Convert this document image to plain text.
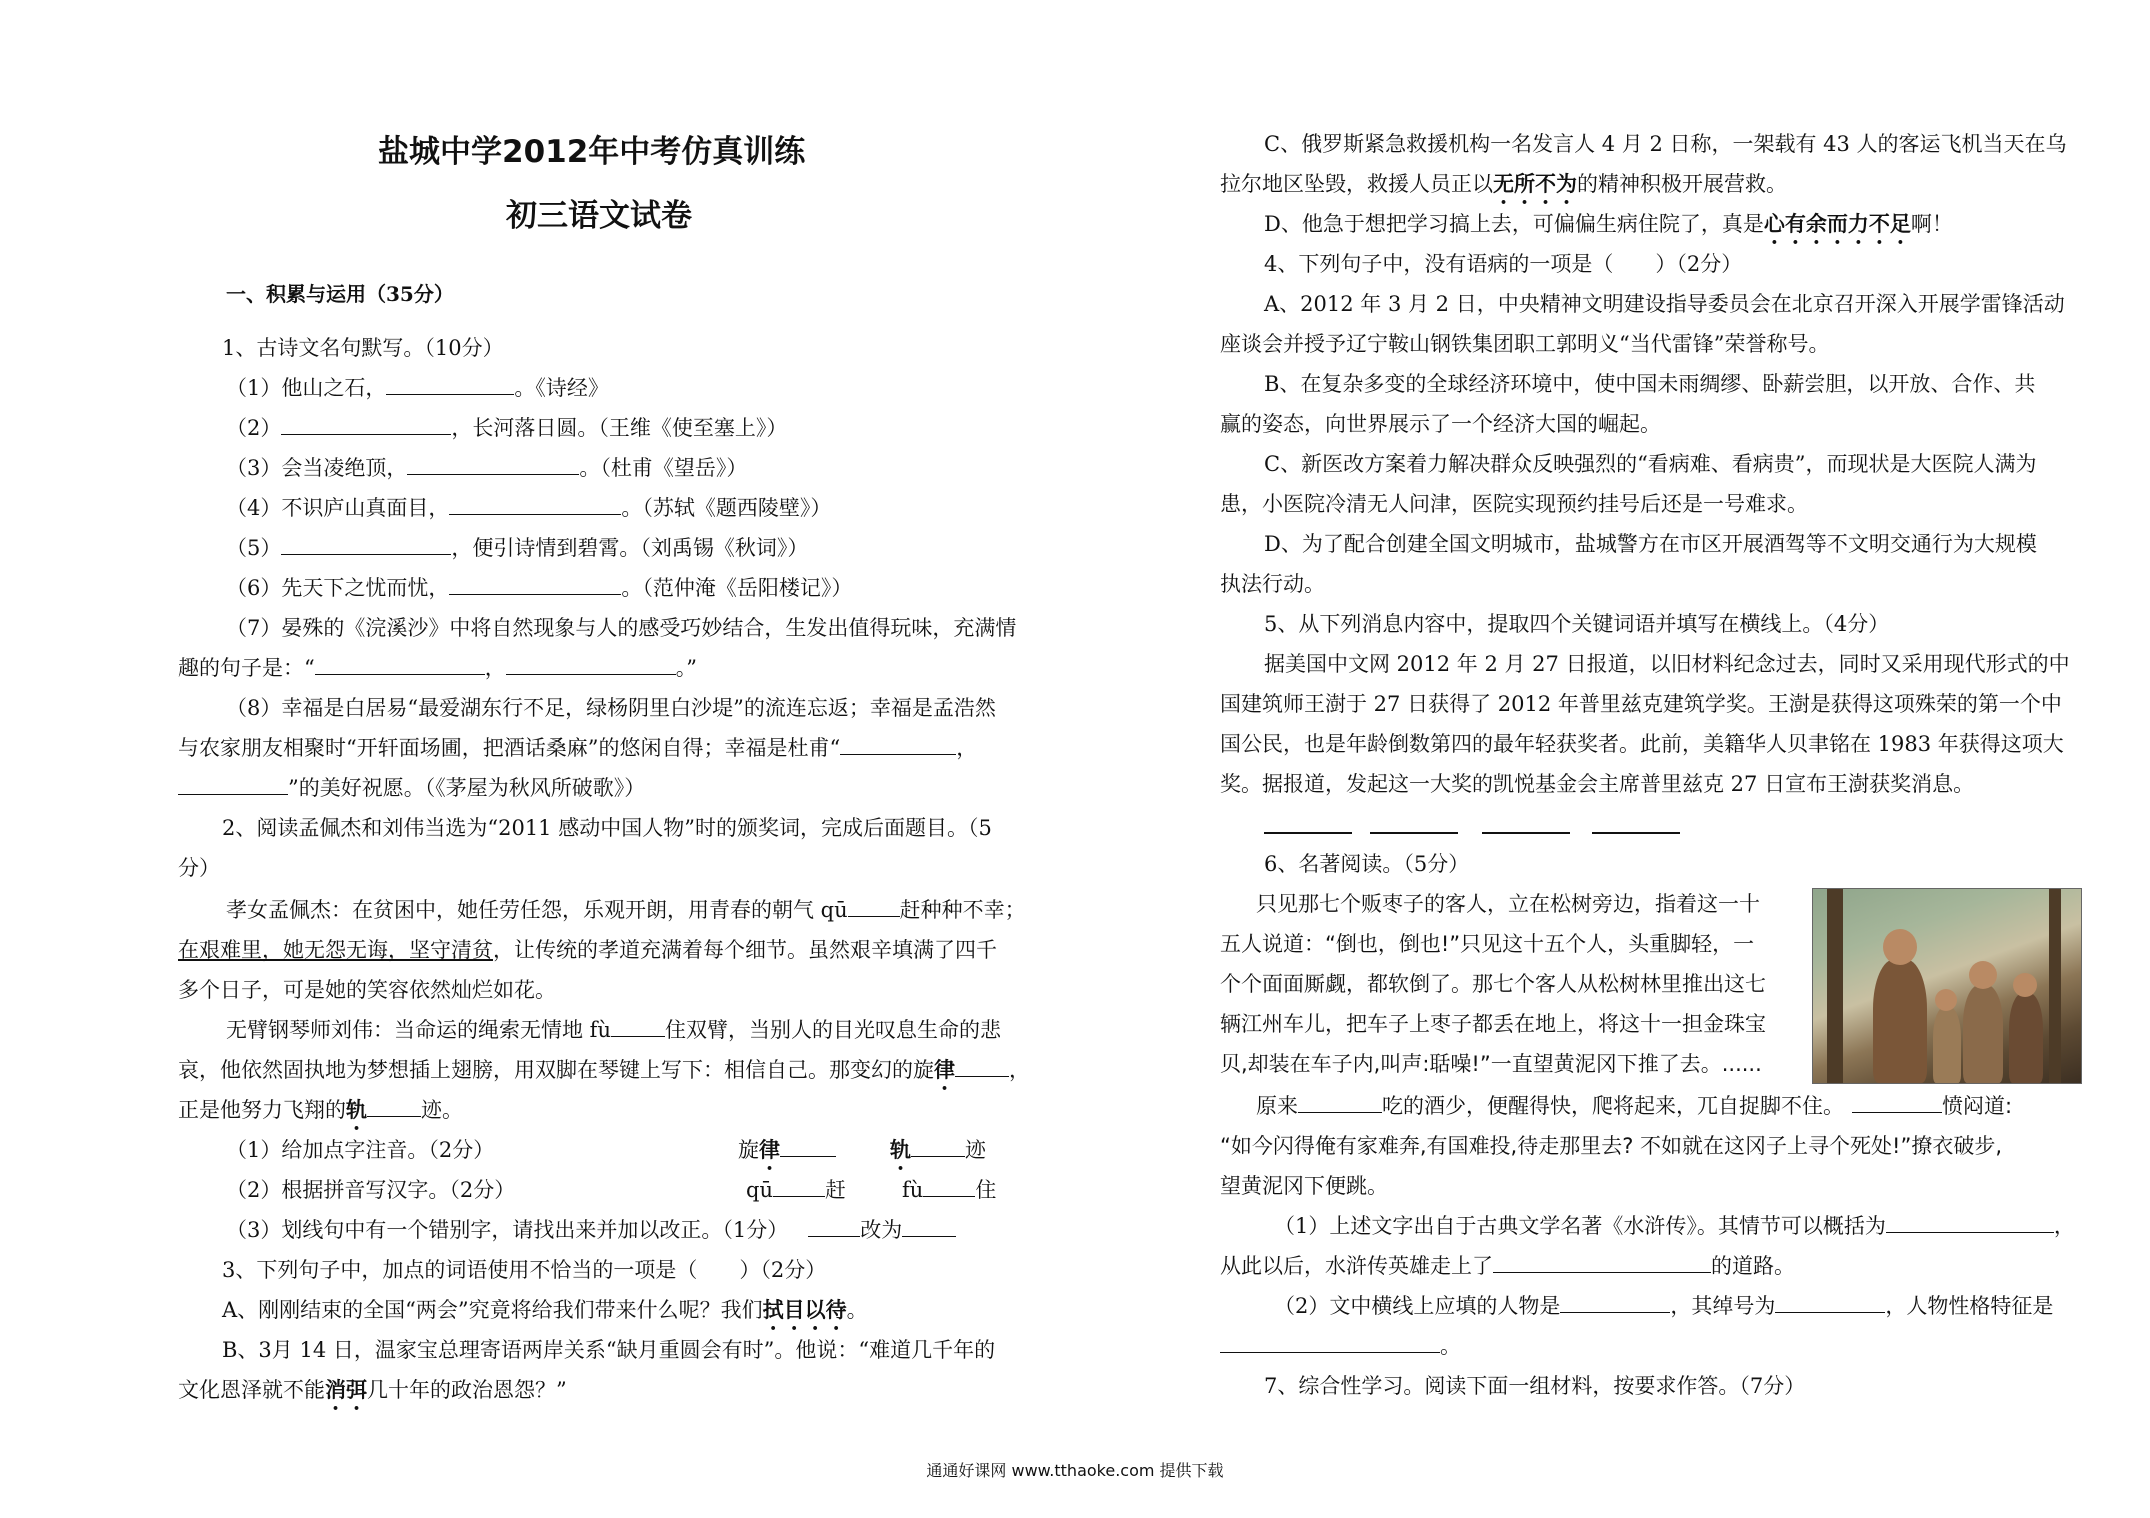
盐城中学2012年中考仿真训练
初三语文试卷
一、积累与运用（35分）
1、古诗文名句默写。（10分）
（1）他山之石，	。《诗经》
（2）	，长河落日圆。（王维《使至塞上》）
（3）会当凌绝顶，	。（杜甫《望岳》）
（4）不识庐山真面目，	。（苏轼《题西陵壁》）
（5）	，便引诗情到碧霄。（刘禹锡《秋词》）
（6）先天下之忧而忧，	。（范仲淹《岳阳楼记》）
（7）晏殊的《浣溪沙》中将自然现象与人的感受巧妙结合，生发出值得玩味，充满情
趣的句子是：“	，	。”
（8）幸福是白居易“最爱湖东行不足，绿杨阴里白沙堤”的流连忘返；幸福是孟浩然
与农家朋友相聚时“开轩面场圃，把酒话桑麻”的悠闲自得；幸福是杜甫“	，
”的美好祝愿。（《茅屋为秋风所破歌》）
2、阅读孟佩杰和刘伟当选为“2011 感动中国人物”时的颁奖词，完成后面题目。（5
分）
孝女孟佩杰：在贫困中，她任劳任怨，乐观开朗，用青春的朝气 qū 赶种种不幸；
在艰难里，她无怨无诲，坚守清贫，让传统的孝道充满着每个细节。虽然艰辛填满了四千
多个日子，可是她的笑容依然灿烂如花。
无臂钢琴师刘伟：当命运的绳索无情地 fù	住双臂，当别人的目光叹息生命的悲
哀，他依然固执地为梦想插上翅膀，用双脚在琴键上写下：相信自己。那变幻的旋律	，
正是他努力飞翔的轨	迹。
（1）给加点字注音。（2分）	旋律	轨	迹
（2）根据拼音写汉字。（2分）	qū 赶	fù 住
（3）划线句中有一个错别字，请找出来并加以改正。（1分）	改为
3、下列句子中，加点的词语使用不恰当的一项是（　　）（2分）
A、刚刚结束的全国“两会”究竟将给我们带来什么呢？我们拭目以待。
B、3月 14 日，温家宝总理寄语两岸关系“缺月重圆会有时”。他说：“难道几千年的
文化恩泽就不能消弭几十年的政治恩怨？”
C、俄罗斯紧急救援机构一名发言人 4 月 2 日称，一架载有 43 人的客运飞机当天在乌
拉尔地区坠毁，救援人员正以无所不为的精神积极开展营救。
D、他急于想把学习搞上去，可偏偏生病住院了，真是心有余而力不足啊！
4、下列句子中，没有语病的一项是（　　）（2分）
A、2012 年 3 月 2 日，中央精神文明建设指导委员会在北京召开深入开展学雷锋活动
座谈会并授予辽宁鞍山钢铁集团职工郭明义“当代雷锋”荣誉称号。
B、在复杂多变的全球经济环境中，使中国未雨绸缪、卧薪尝胆，以开放、合作、共
赢的姿态，向世界展示了一个经济大国的崛起。
C、新医改方案着力解决群众反映强烈的“看病难、看病贵”，而现状是大医院人满为
患，小医院冷清无人问津，医院实现预约挂号后还是一号难求。
D、为了配合创建全国文明城市，盐城警方在市区开展酒驾等不文明交通行为大规模
执法行动。
5、从下列消息内容中，提取四个关键词语并填写在横线上。（4分）
据美国中文网 2012 年 2 月 27 日报道，以旧材料纪念过去，同时又采用现代形式的中
国建筑师王澍于 27 日获得了 2012 年普里兹克建筑学奖。王澍是获得这项殊荣的第一个中
国公民，也是年龄倒数第四的最年轻获奖者。此前，美籍华人贝聿铭在 1983 年获得这项大
奖。据报道，发起这一大奖的凯悦基金会主席普里兹克 27 日宣布王澍获奖消息。
6、名著阅读。（5分）
只见那七个贩枣子的客人，立在松树旁边，指着这一十
五人说道：“倒也，倒也!”只见这十五个人，头重脚轻，一
个个面面厮觑，都软倒了。那七个客人从松树林里推出这七
辆江州车儿，把车子上枣子都丢在地上，将这十一担金珠宝
贝,却装在车子内,叫声:聒噪!”一直望黄泥冈下推了去。......
原来	吃的酒少，便醒得快，爬将起来，兀自捉脚不住。	愤闷道:
“如今闪得俺有家难奔,有国难投,待走那里去? 不如就在这冈子上寻个死处!”撩衣破步,
望黄泥冈下便跳。
（1）上述文字出自于古典文学名著《水浒传》。其情节可以概括为	，
从此以后，水浒传英雄走上了	的道路。
（2）文中横线上应填的人物是	，其绰号为	，人物性格特征是
。
7、综合性学习。阅读下面一组材料，按要求作答。（7分）
通通好课网 www.tthaoke.com 提供下载
